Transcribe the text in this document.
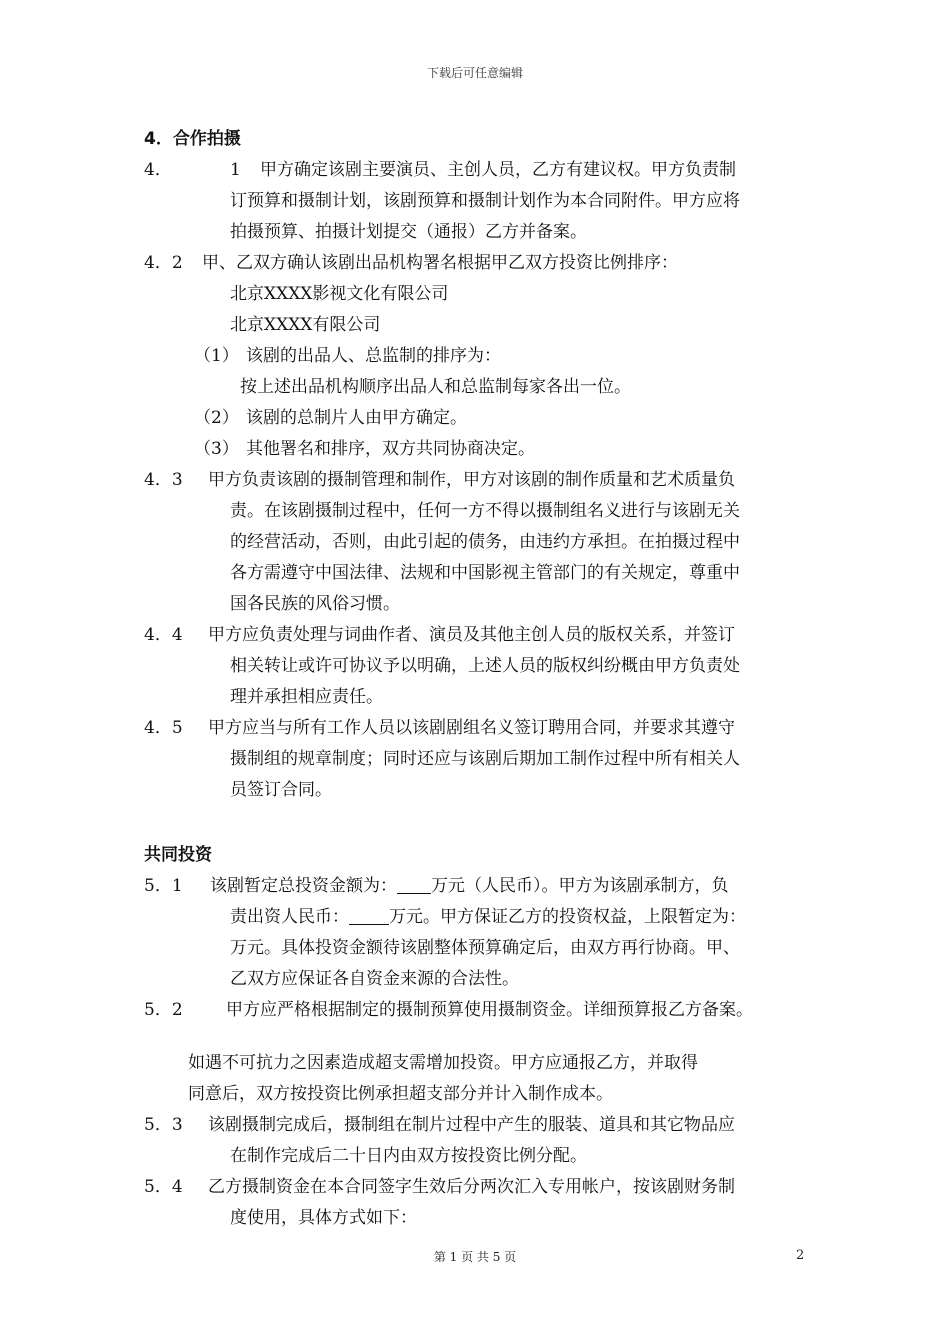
下载后可任意编辑
4．合作拍摄
4．	1 甲方确定该剧主要演员、主创人员，乙方有建议权。甲方负责制
订预算和摄制计划，该剧预算和摄制计划作为本合同附件。甲方应将
拍摄预算、拍摄计划提交（通报）乙方并备案。
4．2 甲、乙双方确认该剧出品机构署名根据甲乙双方投资比例排序：
北京XXXX影视文化有限公司
北京XXXX有限公司
（1） 该剧的出品人、总监制的排序为：
按上述出品机构顺序出品人和总监制每家各出一位。
（2） 该剧的总制片人由甲方确定。
（3） 其他署名和排序，双方共同协商决定。
4．3 甲方负责该剧的摄制管理和制作，甲方对该剧的制作质量和艺术质量负
责。在该剧摄制过程中，任何一方不得以摄制组名义进行与该剧无关
的经营活动，否则，由此引起的债务，由违约方承担。在拍摄过程中
各方需遵守中国法律、法规和中国影视主管部门的有关规定，尊重中
国各民族的风俗习惯。
4．4 甲方应负责处理与词曲作者、演员及其他主创人员的版权关系，并签订
相关转让或许可协议予以明确，上述人员的版权纠纷概由甲方负责处
理并承担相应责任。
4．5 甲方应当与所有工作人员以该剧剧组名义签订聘用合同，并要求其遵守
摄制组的规章制度；同时还应与该剧后期加工制作过程中所有相关人
员签订合同。
共同投资
5．1 该剧暂定总投资金额为： 万元（人民币）。甲方为该剧承制方，负
责出资人民币： 万元。甲方保证乙方的投资权益，上限暂定为：
万元。具体投资金额待该剧整体预算确定后，由双方再行协商。甲、
乙双方应保证各自资金来源的合法性。
5．2	甲方应严格根据制定的摄制预算使用摄制资金。详细预算报乙方备案。
如遇不可抗力之因素造成超支需增加投资。甲方应通报乙方，并取得
同意后，双方按投资比例承担超支部分并计入制作成本。
5．3 该剧摄制完成后，摄制组在制片过程中产生的服装、道具和其它物品应
在制作完成后二十日内由双方按投资比例分配。
5．4 乙方摄制资金在本合同签字生效后分两次汇入专用帐户，按该剧财务制
度使用，具体方式如下：
第 1 页 共 5 页	2
